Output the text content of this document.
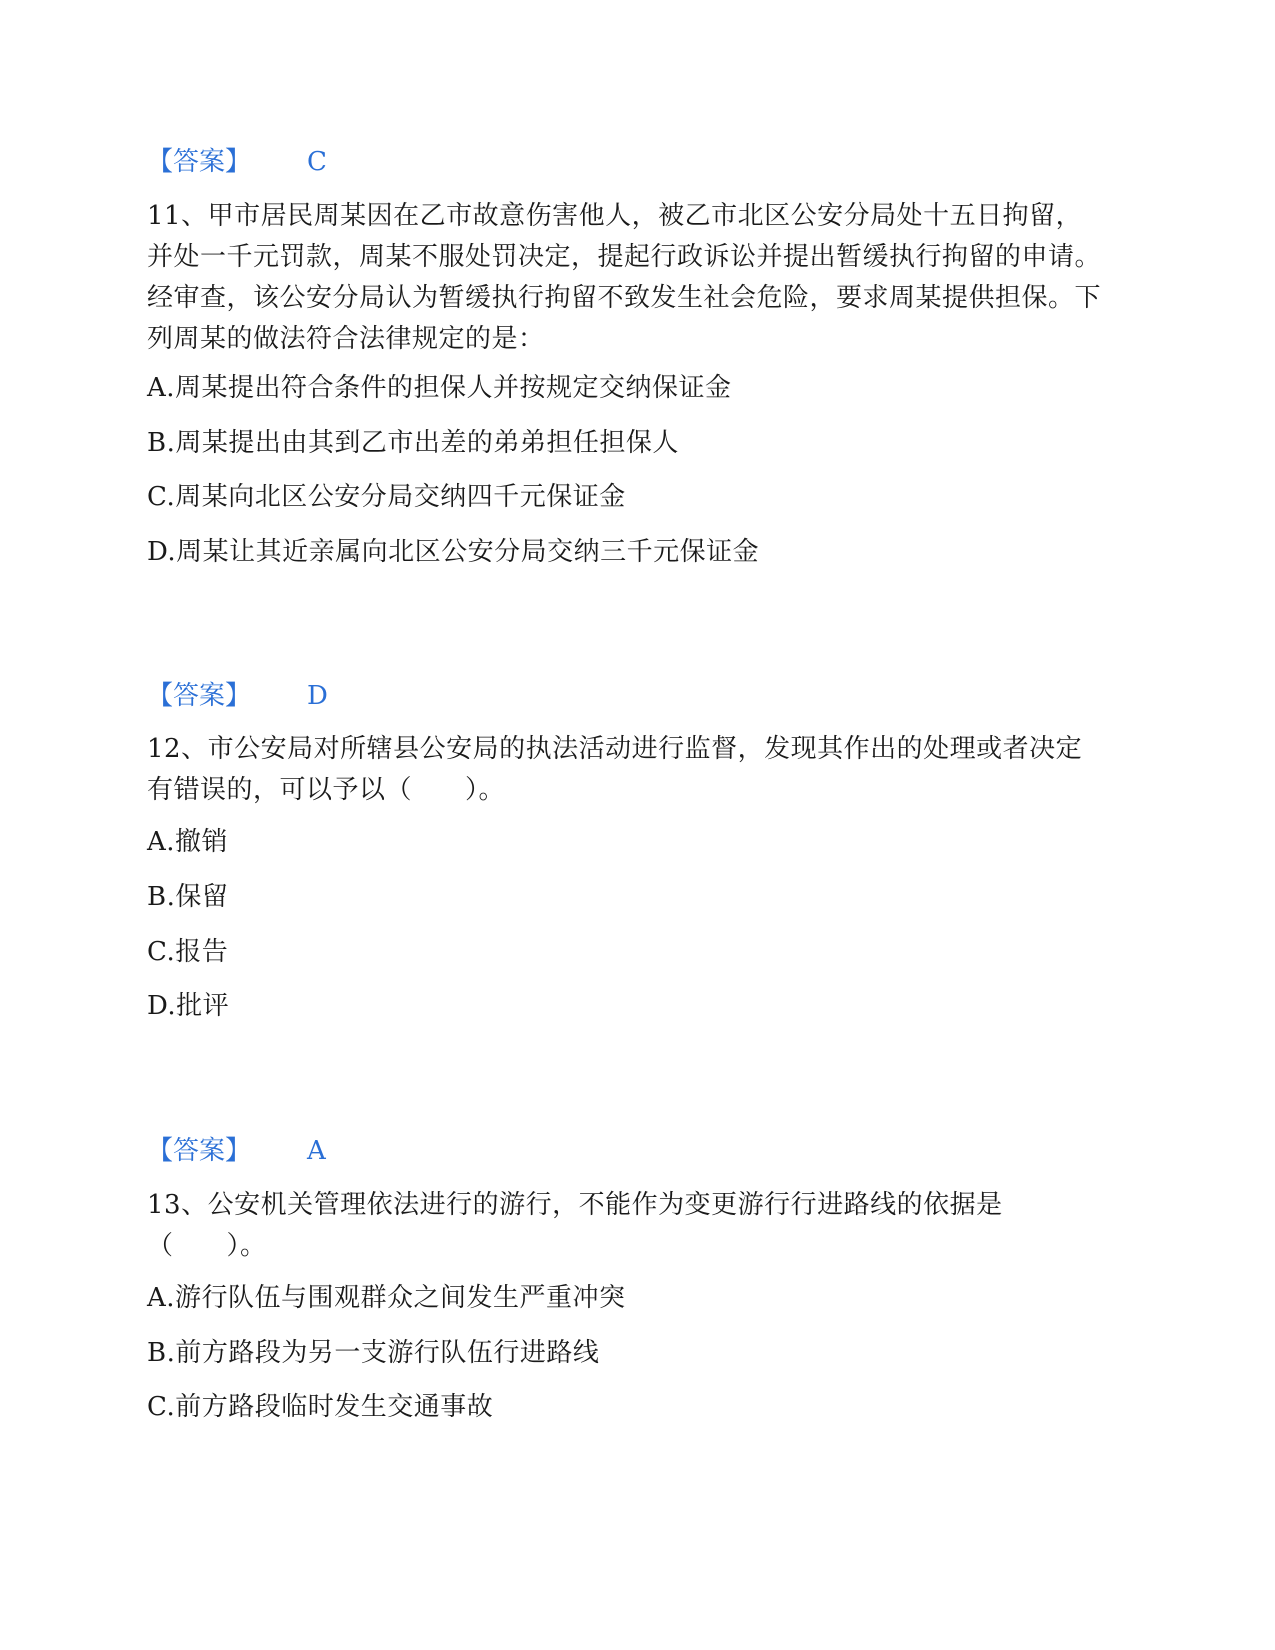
【答案】 C

11、甲市居民周某因在乙市故意伤害他人，被乙市北区公安分局处十五日拘留，并处一千元罚款，周某不服处罚决定，提起行政诉讼并提出暂缓执行拘留的申请。经审查，该公安分局认为暂缓执行拘留不致发生社会危险，要求周某提供担保。下列周某的做法符合法律规定的是：

A.周某提出符合条件的担保人并按规定交纳保证金
B.周某提出由其到乙市出差的弟弟担任担保人
C.周某向北区公安分局交纳四千元保证金
D.周某让其近亲属向北区公安分局交纳三千元保证金
【答案】 D

12、市公安局对所辖县公安局的执法活动进行监督，发现其作出的处理或者决定有错误的，可以予以（　　）。

A.撤销
B.保留
C.报告
D.批评
【答案】 A

13、公安机关管理依法进行的游行，不能作为变更游行行进路线的依据是（　　）。

A.游行队伍与围观群众之间发生严重冲突
B.前方路段为另一支游行队伍行进路线
C.前方路段临时发生交通事故
